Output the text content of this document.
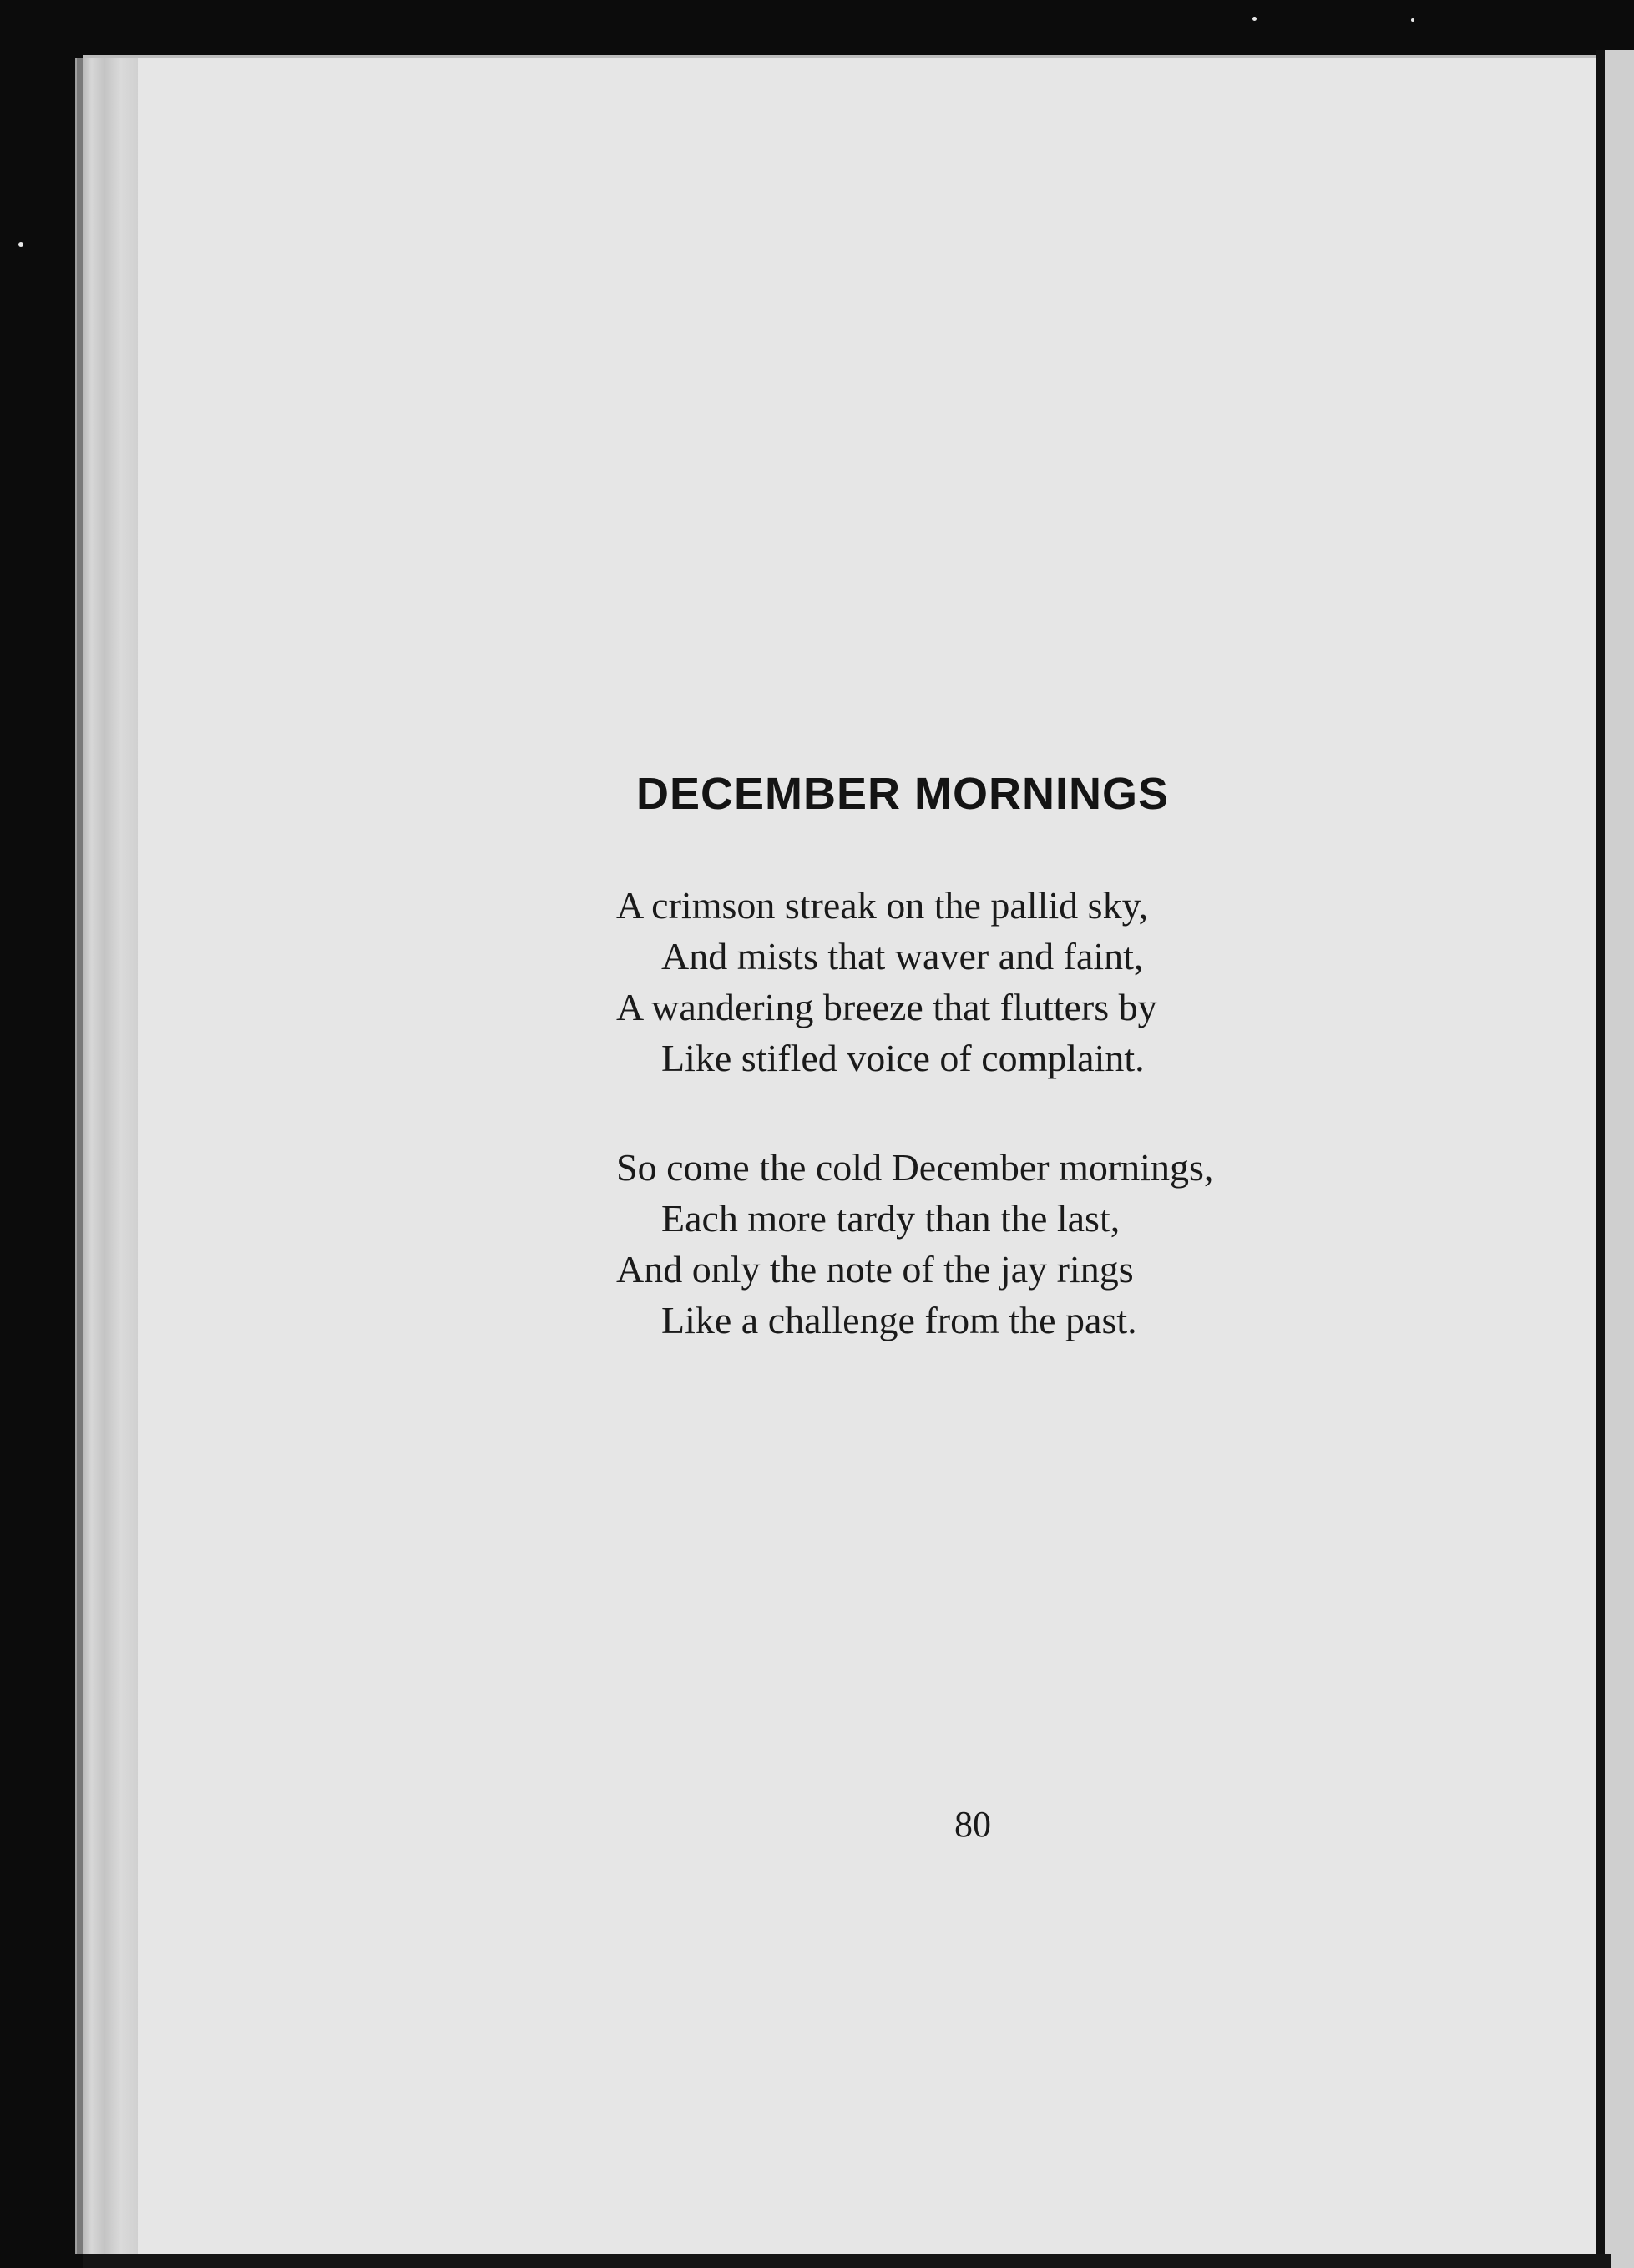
DECEMBER MORNINGS
A crimson streak on the pallid sky,
And mists that waver and faint,
A wandering breeze that flutters by
Like stifled voice of complaint.
So come the cold December mornings,
Each more tardy than the last,
And only the note of the jay rings
Like a challenge from the past.

80
